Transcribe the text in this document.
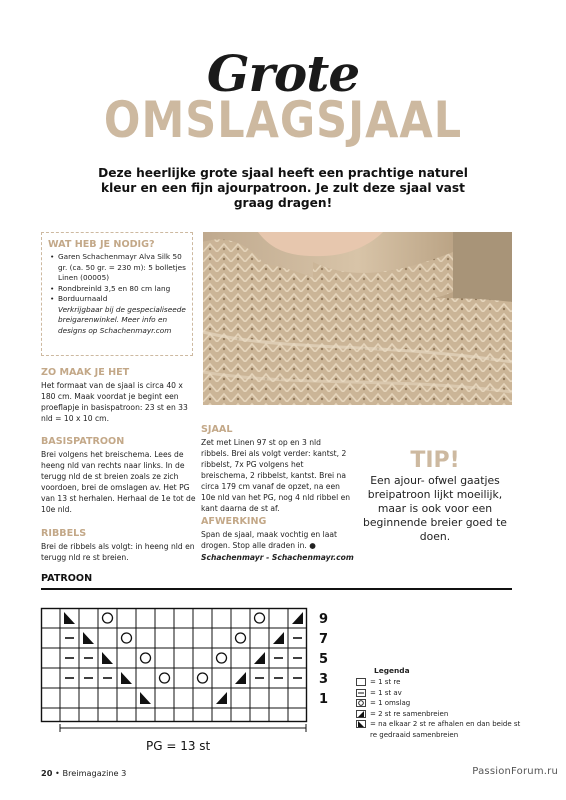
Grote
OMSLAGSJAAL
Deze heerlijke grote sjaal heeft een prachtige naturel kleur en een fijn ajourpatroon. Je zult deze sjaal vast graag dragen!
WAT HEB JE NODIG?
• Garen Schachenmayr Alva Silk 50 gr. (ca. 50 gr. = 230 m): 5 bolletjes Linen (00005)
• Rondbreinld 3,5 en 80 cm lang
• Borduurnaald
Verkrijgbaar bij de gespecialiseede breigarenwinkel. Meer info en designs op Schachenmayr.com
ZO MAAK JE HET
Het formaat van de sjaal is circa 40 x 180 cm. Maak voordat je begint een proeflapje in basispatroon: 23 st en 33 nld = 10 x 10 cm.
BASISPATROON
Brei volgens het breischema. Lees de heeng nld van rechts naar links. In de terugg nld de st breien zoals ze zich voordoen, brei de omslagen av. Het PG van 13 st herhalen. Herhaal de 1e tot de 10e nld.
RIBBELS
Brei de ribbels als volgt: in heeng nld en terugg nld re st breien.
SJAAL
Zet met Linen 97 st op en 3 nld ribbels. Brei als volgt verder: kantst, 2 ribbelst, 7x PG volgens het breischema, 2 ribbelst, kantst. Brei na circa 179 cm vanaf de opzet, na een 10e nld van het PG, nog 4 nld ribbel en kant daarna de st af.
AFWERKING
Span de sjaal, maak vochtig en laat drogen. Stop alle draden in. ●
Schachenmayr - Schachenmayr.com
TIP!
Een ajour- ofwel gaatjes breipatroon lijkt moeilijk, maar is ook voor een beginnende breier goed te doen.
PATROON
9
7
5
3
1
Legenda
= 1 st re
= 1 st av
= 1 omslag
= 2 st re samenbreien
= na elkaar 2 st re afhalen en dan beide st re gedraaid samenbreien
20 • Breimagazine 3	PassionForum.ru
PG = 13 st
